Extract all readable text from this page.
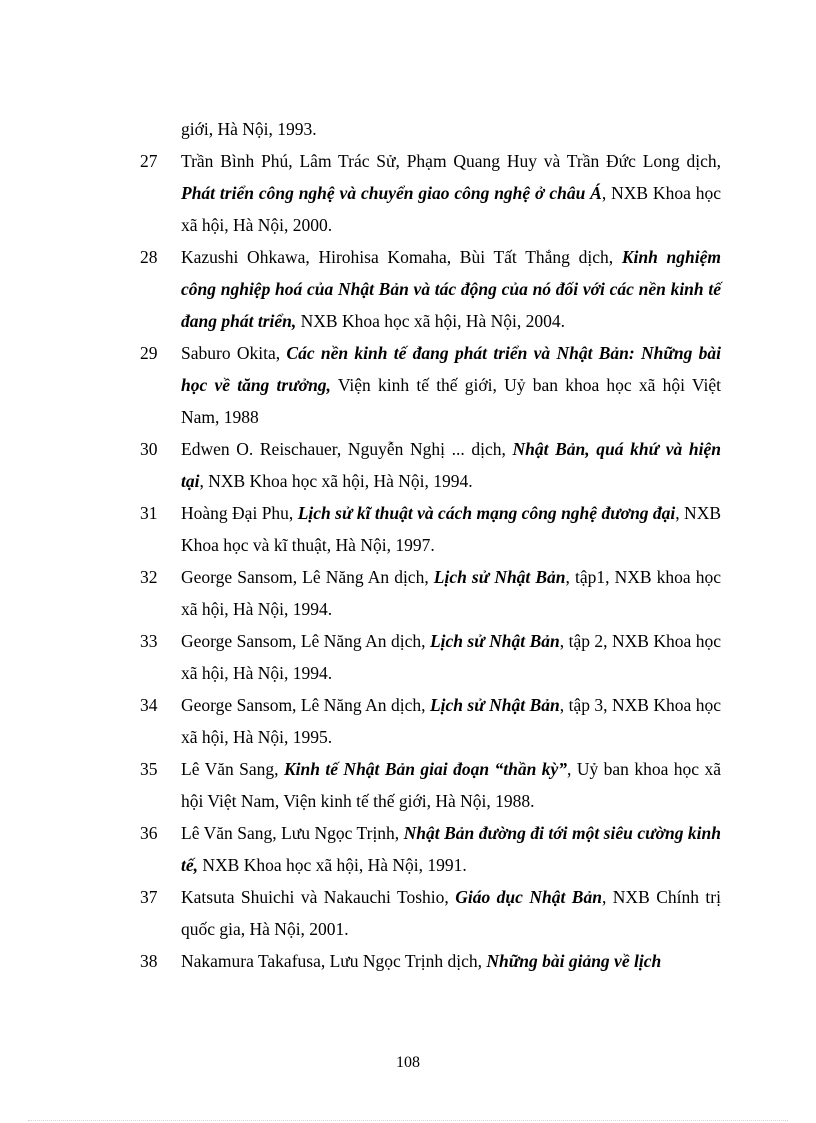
giới, Hà Nội, 1993.

27	Trần Bình Phú, Lâm Trác Sử, Phạm Quang Huy và Trần Đức Long dịch, Phát triển công nghệ và chuyển giao công nghệ ở châu Á, NXB Khoa học xã hội, Hà Nội, 2000.
28	Kazushi Ohkawa, Hirohisa Komaha, Bùi Tất Thắng dịch, Kinh nghiệm công nghiệp hoá của Nhật Bản và tác động của nó đối với các nền kinh tế đang phát triển, NXB Khoa học xã hội, Hà Nội, 2004.
29	Saburo Okita, Các nền kinh tế đang phát triển và Nhật Bản: Những bài học về tăng trưởng, Viện kinh tế thế giới, Uỷ ban khoa học xã hội Việt Nam, 1988
30	Edwen O. Reischauer, Nguyễn Nghị ... dịch, Nhật Bản, quá khứ và hiện tại, NXB Khoa học xã hội, Hà Nội, 1994.
31	Hoàng Đại Phu, Lịch sử kĩ thuật và cách mạng công nghệ đương đại, NXB Khoa học và kĩ thuật, Hà Nội, 1997.
32	George Sansom, Lê Năng An dịch, Lịch sử Nhật Bản, tập1, NXB khoa học xã hội, Hà Nội, 1994.
33	George Sansom, Lê Năng An dịch, Lịch sử Nhật Bản, tập 2, NXB Khoa học xã hội, Hà Nội, 1994.
34	George Sansom, Lê Năng An dịch, Lịch sử Nhật Bản, tập 3, NXB Khoa học xã hội, Hà Nội, 1995.
35	Lê Văn Sang, Kinh tế Nhật Bản giai đoạn “thần kỳ”, Uỷ ban khoa học xã hội Việt Nam, Viện kinh tế thế giới, Hà Nội, 1988.
36	Lê Văn Sang, Lưu Ngọc Trịnh, Nhật Bản đường đi tới một siêu cường kinh tế, NXB Khoa học xã hội, Hà Nội, 1991.
37	Katsuta Shuichi và Nakauchi Toshio, Giáo dục Nhật Bản, NXB Chính trị quốc gia, Hà Nội, 2001.
38	Nakamura Takafusa, Lưu Ngọc Trịnh dịch, Những bài giảng về lịch
108
